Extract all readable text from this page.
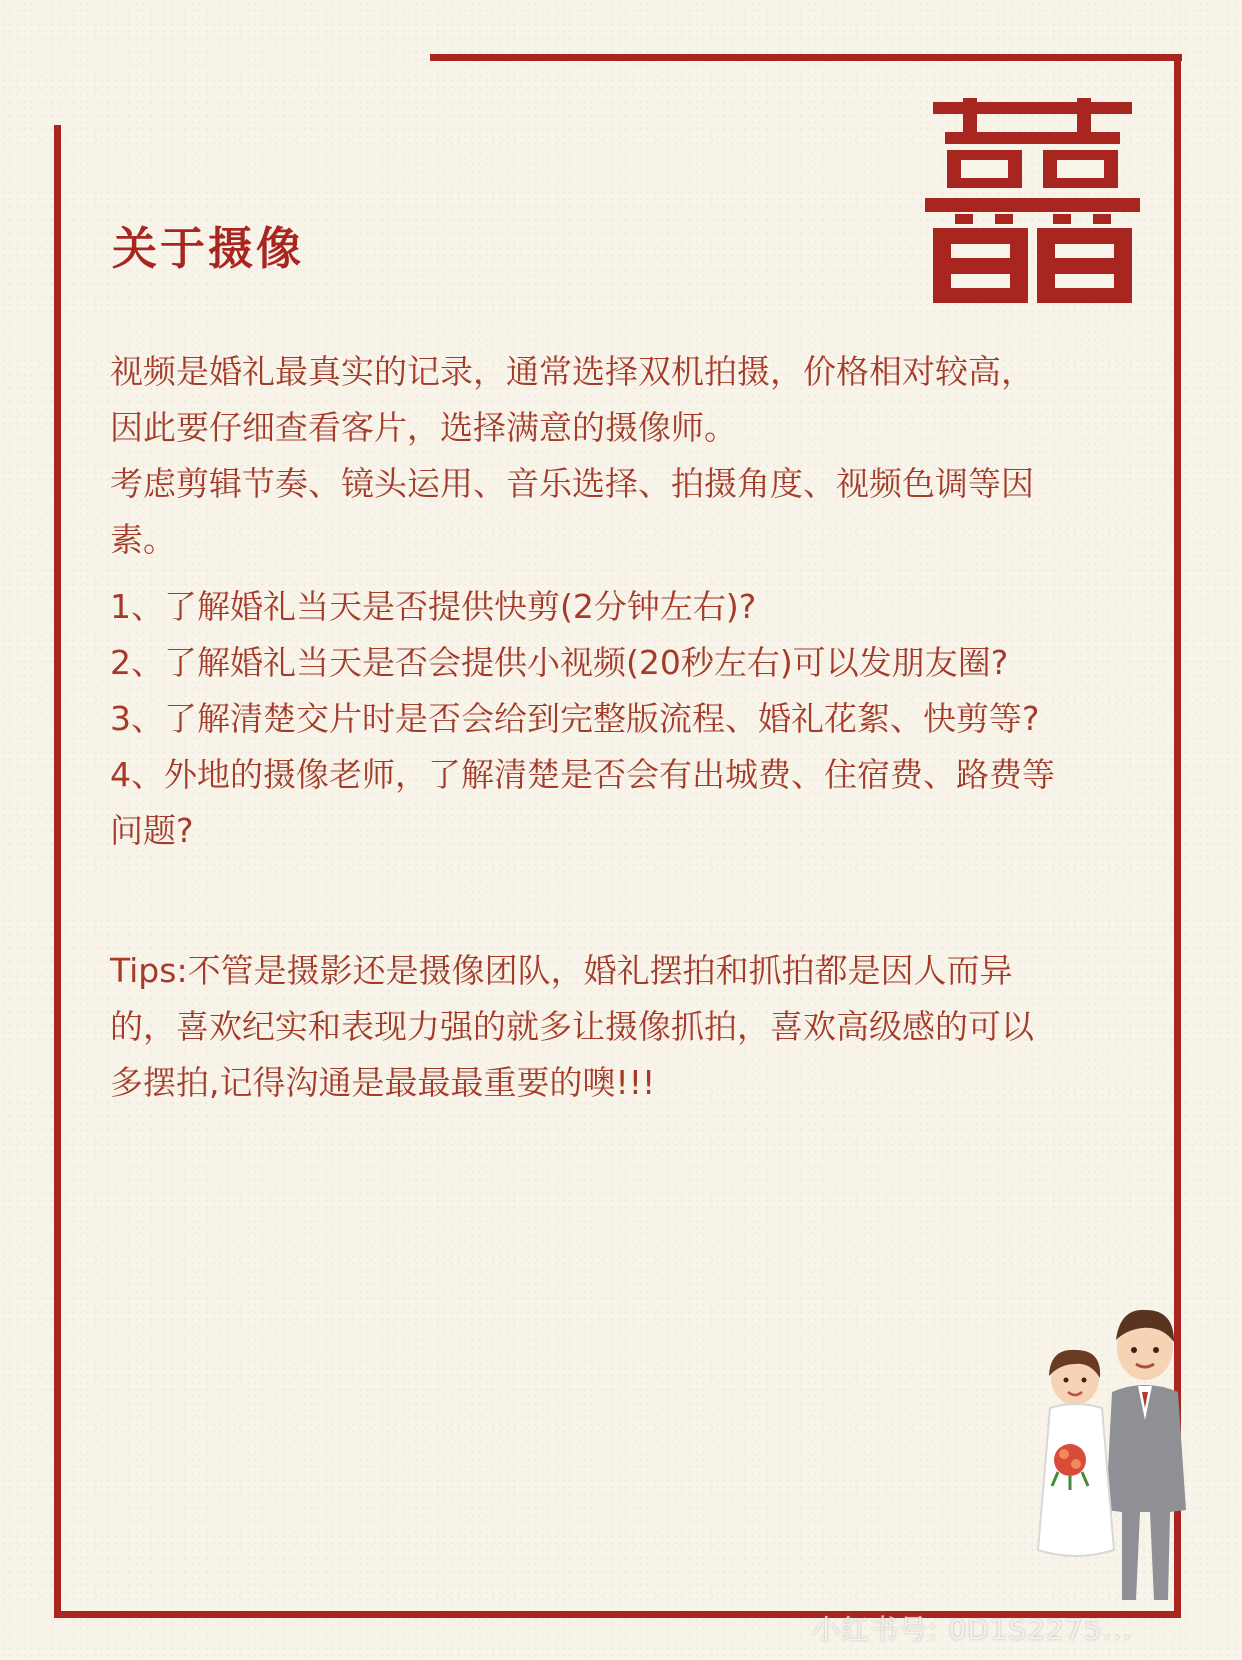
关于摄像

视频是婚礼最真实的记录，通常选择双机拍摄，价格相对较高，

因此要仔细查看客片，选择满意的摄像师。

考虑剪辑节奏、镜头运用、音乐选择、拍摄角度、视频色调等因

素。

1、了解婚礼当天是否提供快剪(2分钟左右)?

2、了解婚礼当天是否会提供小视频(20秒左右)可以发朋友圈?

3、了解清楚交片时是否会给到完整版流程、婚礼花絮、快剪等?

4、外地的摄像老师，了解清楚是否会有出城费、住宿费、路费等

问题?

Tips:不管是摄影还是摄像团队，婚礼摆拍和抓拍都是因人而异

的，喜欢纪实和表现力强的就多让摄像抓拍，喜欢高级感的可以

多摆拍,记得沟通是最最最重要的噢!!!

小红书号: 0D1S2275...
